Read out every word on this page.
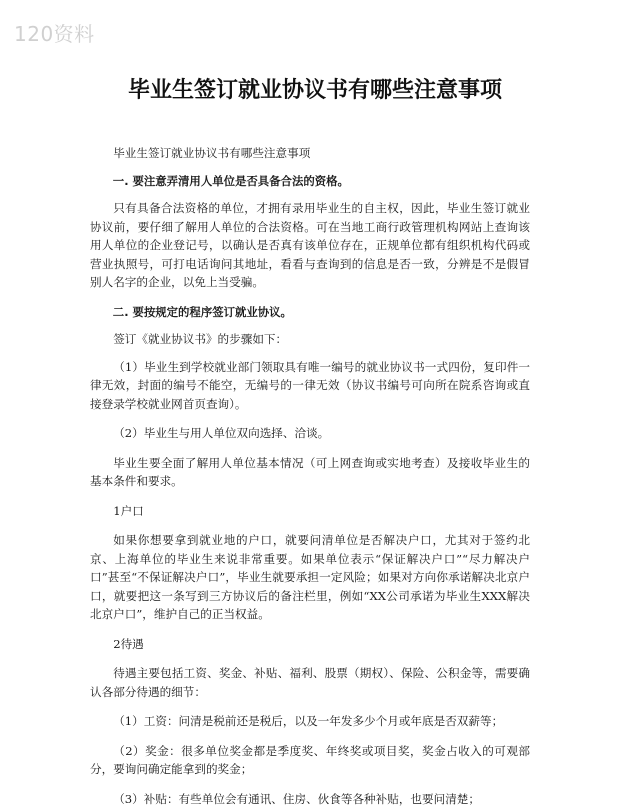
120资料
毕业生签订就业协议书有哪些注意事项

毕业生签订就业协议书有哪些注意事项

一. 要注意弄清用人单位是否具备合法的资格。

只有具备合法资格的单位，才拥有录用毕业生的自主权，因此，毕业生签订就业协议前，要仔细了解用人单位的合法资格。可在当地工商行政管理机构网站上查询该用人单位的企业登记号，以确认是否真有该单位存在，正规单位都有组织机构代码或营业执照号，可打电话询问其地址，看看与查询到的信息是否一致，分辨是不是假冒别人名字的企业，以免上当受骗。

二. 要按规定的程序签订就业协议。

签订《就业协议书》的步骤如下：

（1）毕业生到学校就业部门领取具有唯一编号的就业协议书一式四份，复印件一律无效，封面的编号不能空，无编号的一律无效（协议书编号可向所在院系咨询或直接登录学校就业网首页查询）。

（2）毕业生与用人单位双向选择、洽谈。

毕业生要全面了解用人单位基本情况（可上网查询或实地考查）及接收毕业生的基本条件和要求。

1户口

如果你想要拿到就业地的户口，就要问清单位是否解决户口，尤其对于签约北京、上海单位的毕业生来说非常重要。如果单位表示“保证解决户口”“尽力解决户口”甚至“不保证解决户口”，毕业生就要承担一定风险；如果对方向你承诺解决北京户口，就要把这一条写到三方协议后的备注栏里，例如“XX公司承诺为毕业生XXX解决北京户口”，维护自己的正当权益。

2待遇

待遇主要包括工资、奖金、补贴、福利、股票（期权）、保险、公积金等，需要确认各部分待遇的细节：

（1）工资：问清是税前还是税后，以及一年发多少个月或年底是否双薪等；

（2）奖金：很多单位奖金都是季度奖、年终奖或项目奖，奖金占收入的可观部分，要询问确定能拿到的奖金；

（3）补贴：有些单位会有通讯、住房、伙食等各种补贴，也要问清楚；
